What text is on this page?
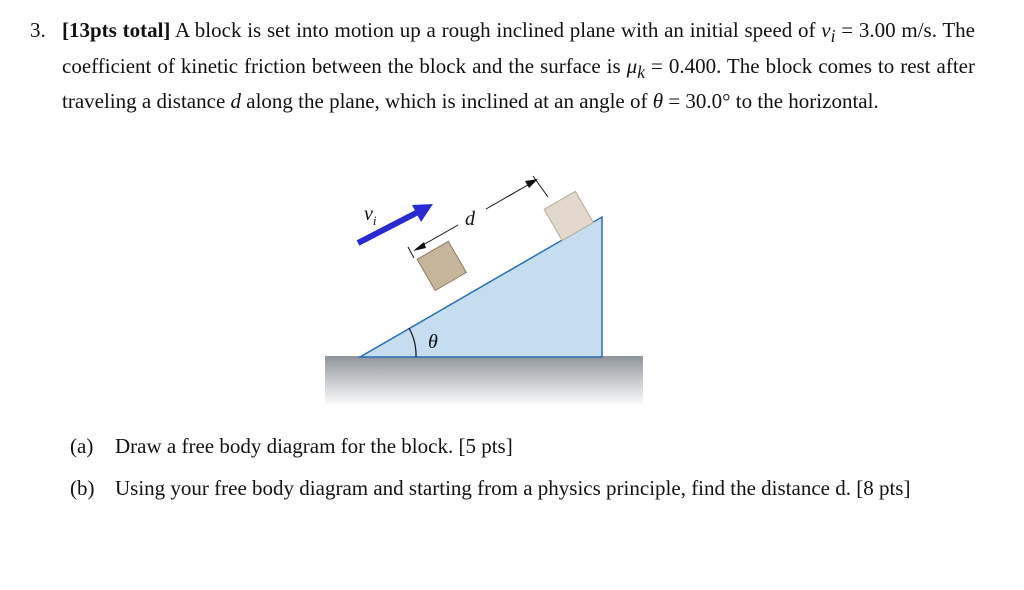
3. [13pts total] A block is set into motion up a rough inclined plane with an initial speed of $v_i = 3.00$ m/s. The coefficient of kinetic friction between the block and the surface is $\mu_k = 0.400$. The block comes to rest after traveling a distance d along the plane, which is inclined at an angle of θ = 30.0° to the horizontal.
θ
$v_i$	d
(a) Draw a free body diagram for the block. [5 pts]
(b) Using your free body diagram and starting from a physics principle, find the distance d. [8 pts]
